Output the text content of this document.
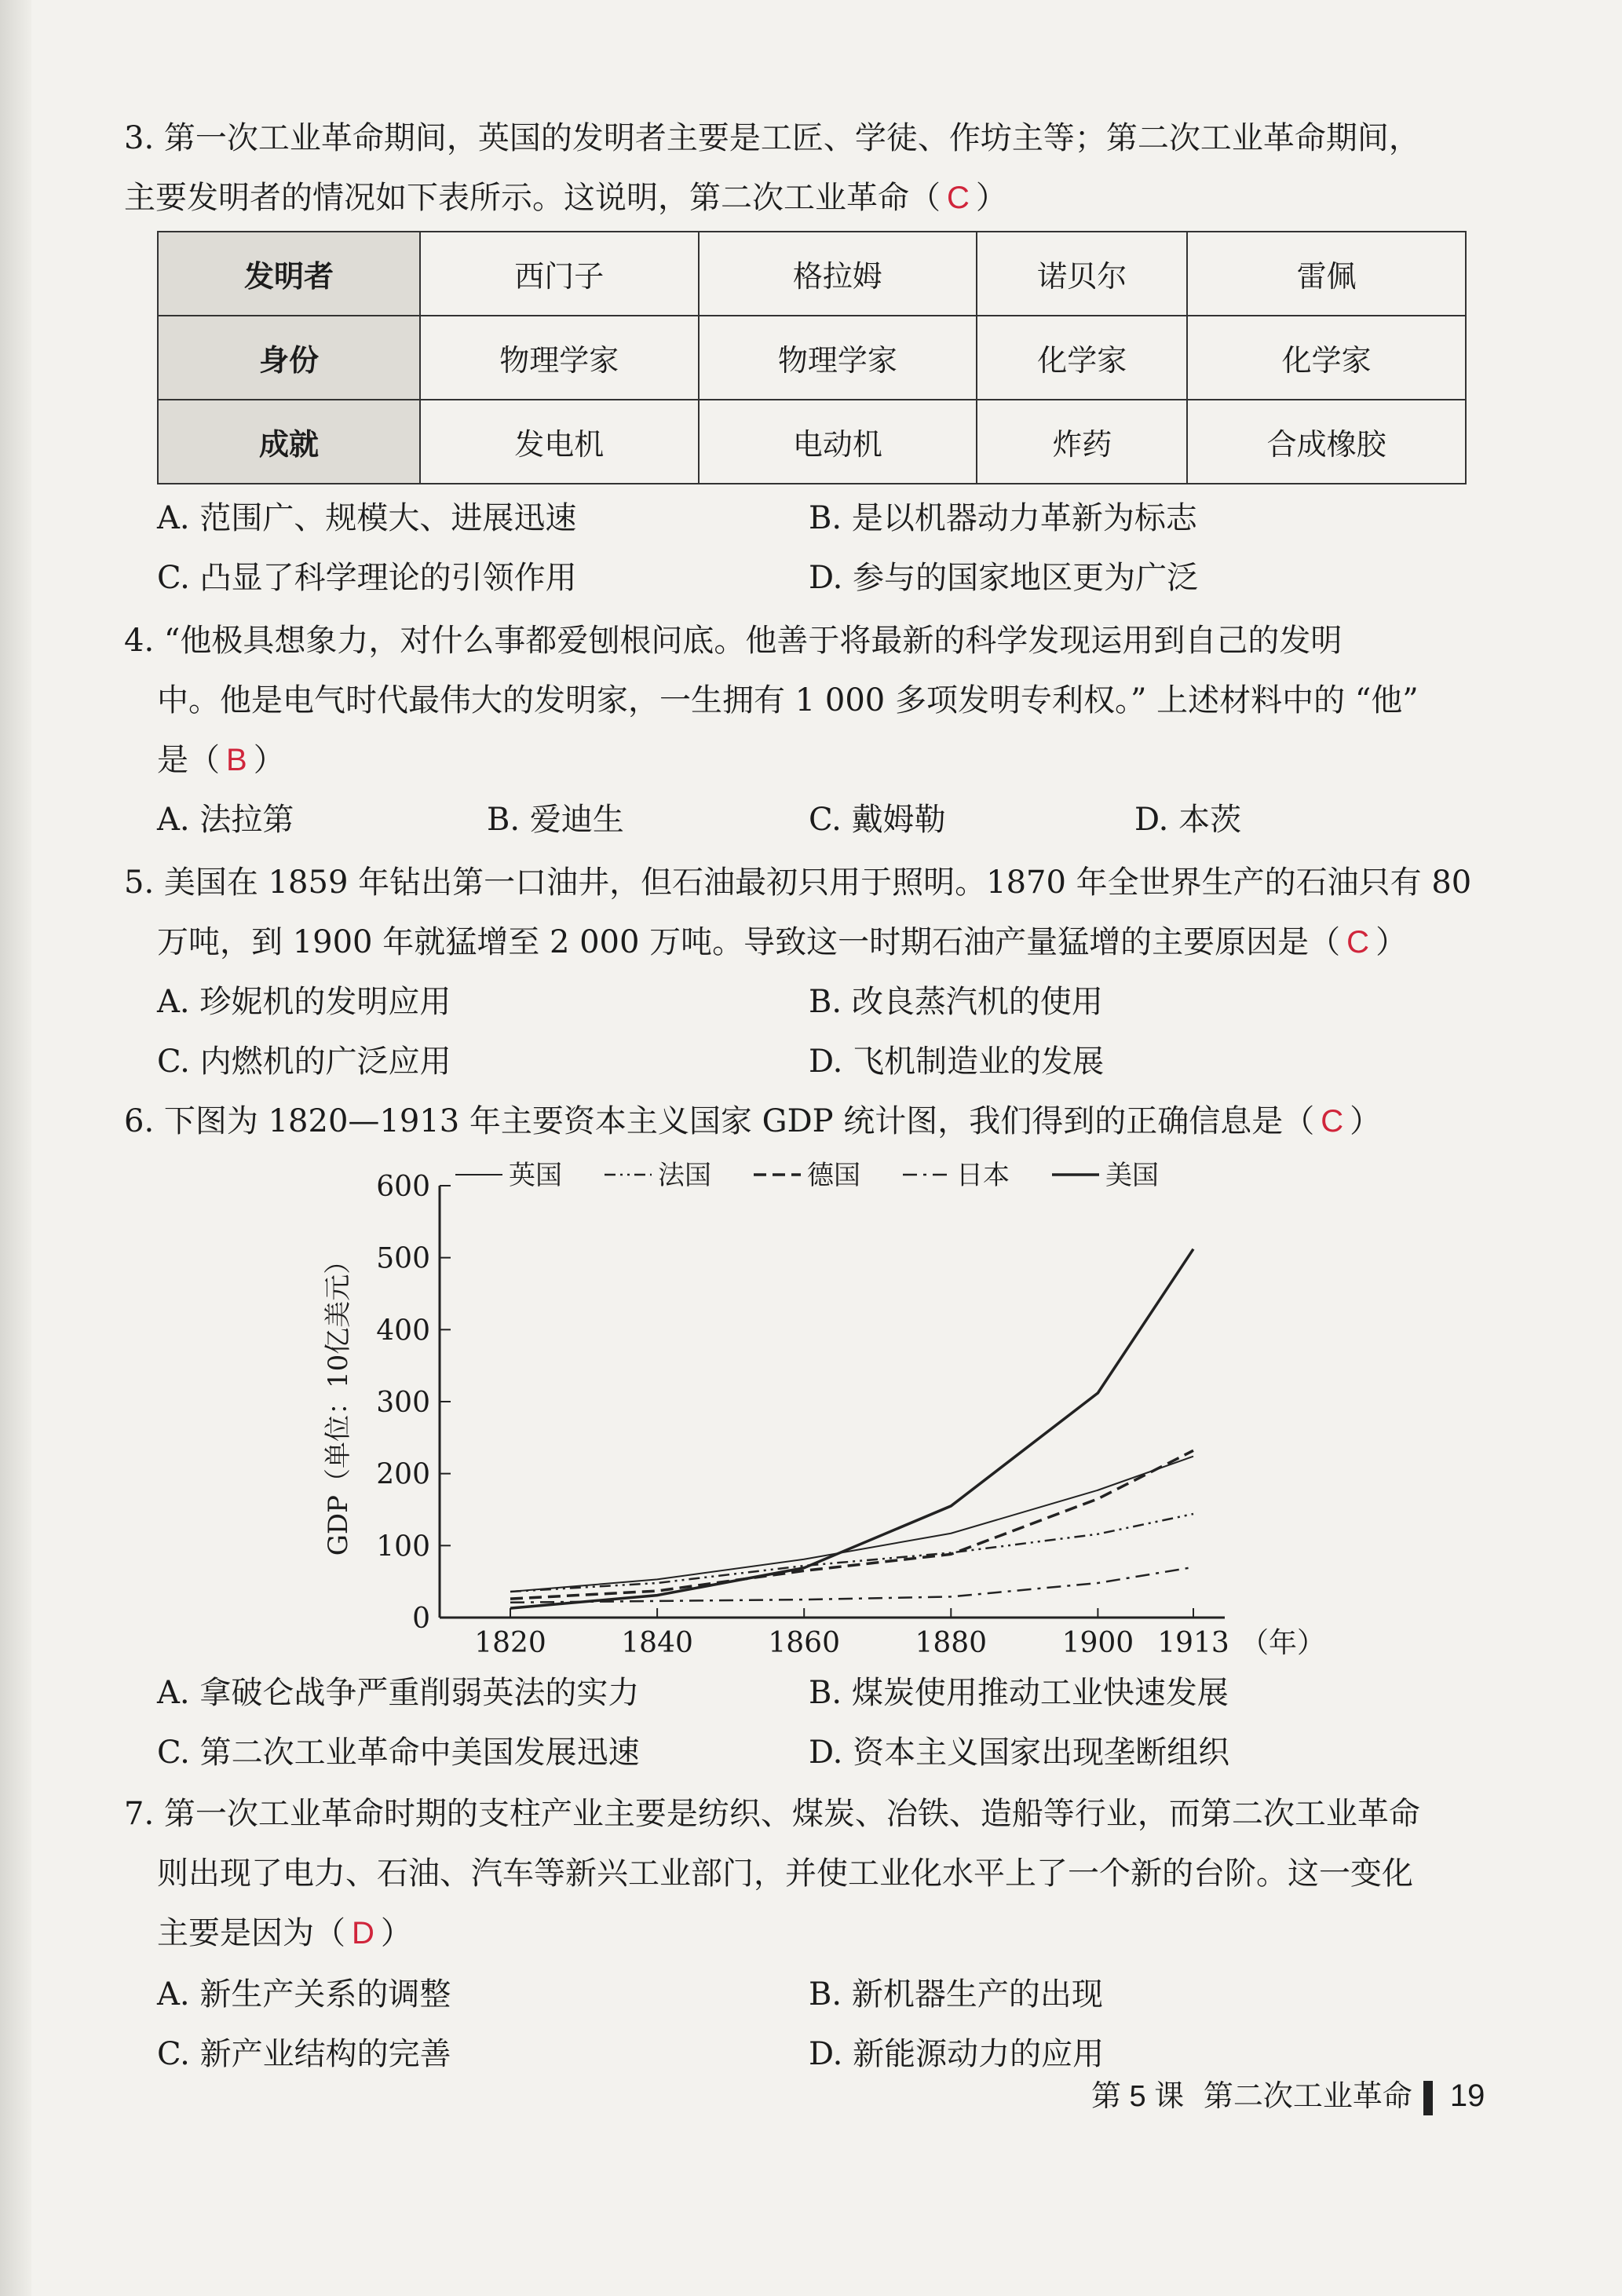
3. 第一次工业革命期间，英国的发明者主要是工匠、学徒、作坊主等；第二次工业革命期间，
主要发明者的情况如下表所示。这说明，第二次工业革命（ C ）
发明者	西门子	格拉姆	诺贝尔	雷佩
身份	物理学家	物理学家	化学家	化学家
成就	发电机	电动机	炸药	合成橡胶
A. 范围广、规模大、进展迅速	B. 是以机器动力革新为标志
C. 凸显了科学理论的引领作用	D. 参与的国家地区更为广泛
4. “他极具想象力，对什么事都爱刨根问底。他善于将最新的科学发现运用到自己的发明
中。他是电气时代最伟大的发明家，一生拥有 1 000 多项发明专利权。” 上述材料中的 “他”
是（ B ）
A. 法拉第	B. 爱迪生	C. 戴姆勒	D. 本茨
5. 美国在 1859 年钻出第一口油井，但石油最初只用于照明。1870 年全世界生产的石油只有 80
万吨，到 1900 年就猛增至 2 000 万吨。导致这一时期石油产量猛增的主要原因是（ C ）
A. 珍妮机的发明应用	B. 改良蒸汽机的使用
C. 内燃机的广泛应用	D. 飞机制造业的发展
6. 下图为 1820—1913 年主要资本主义国家 GDP 统计图，我们得到的正确信息是（ C ）
0
100
200
300
400
500
600
1820	1840	1860	1880	1900 1913 （年）
GDP（单位：10亿美元）
英国	法国	德国	日本	美国
A. 拿破仑战争严重削弱英法的实力	B. 煤炭使用推动工业快速发展
C. 第二次工业革命中美国发展迅速	D. 资本主义国家出现垄断组织
7. 第一次工业革命时期的支柱产业主要是纺织、煤炭、冶铁、造船等行业，而第二次工业革命
则出现了电力、石油、汽车等新兴工业部门，并使工业化水平上了一个新的台阶。这一变化
主要是因为（ D ）
A. 新生产关系的调整	B. 新机器生产的出现
C. 新产业结构的完善	D. 新能源动力的应用
第 5 课 第二次工业革命 19
